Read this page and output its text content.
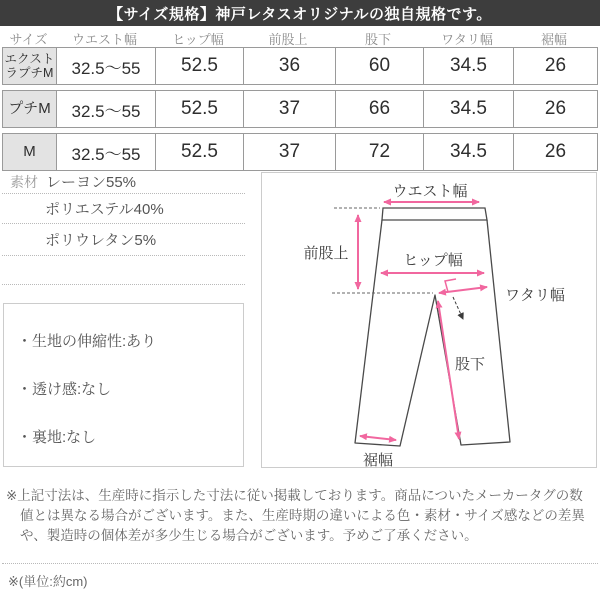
【サイズ規格】神戸レタスオリジナルの独自規格です。
サイズ	ウエスト幅	ヒップ幅	前股上	股下	ワタリ幅	裾幅
エクストラプチM	32.5〜55	52.5	36	60	34.5	26
プチM	32.5〜55	52.5	37	66	34.5	26
M	32.5〜55	52.5	37	72	34.5	26
素材 レーヨン55%
ポリエステル40%
ポリウレタン5%
・生地の伸縮性:あり
・透け感:なし
・裏地:なし
ウエスト幅
前股上	ヒップ幅
ワタリ幅
股下
裾幅
※上記寸法は、生産時に指示した寸法に従い掲載しております。商品についたメーカータグの数値とは異なる場合がございます。また、生産時期の違いによる色・素材・サイズ感などの差異や、製造時の個体差が多少生じる場合がございます。予めご了承ください。
※(単位:約cm)
